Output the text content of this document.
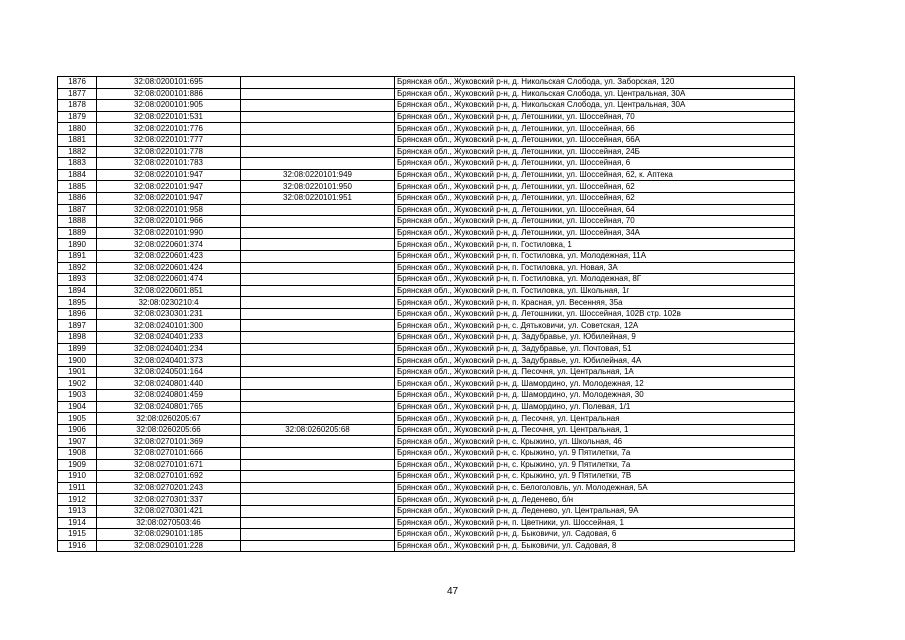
1876	32:08:0200101:695		Брянская обл., Жуковский р-н, д. Никольская Слобода, ул. Заборская, 120
1877	32:08:0200101:886		Брянская обл., Жуковский р-н, д. Никольская Слобода, ул. Центральная, 30А
1878	32:08:0200101:905		Брянская обл., Жуковский р-н, д. Никольская Слобода, ул. Центральная, 30А
1879	32:08:0220101:531		Брянская обл., Жуковский р-н, д. Летошники, ул. Шоссейная, 70
1880	32:08:0220101:776		Брянская обл., Жуковский р-н, д. Летошники, ул. Шоссейная, 66
1881	32:08:0220101:777		Брянская обл., Жуковский р-н, д. Летошники, ул. Шоссейная, 66А
1882	32:08:0220101:778		Брянская обл., Жуковский р-н, д. Летошники, ул. Шоссейная, 24Б
1883	32:08:0220101:783		Брянская обл., Жуковский р-н, д. Летошники, ул. Шоссейная, 6
1884	32:08:0220101:947	32:08:0220101:949	Брянская обл., Жуковский р-н, д. Летошники, ул. Шоссейная, 62, к. Аптека
1885	32:08:0220101:947	32:08:0220101:950	Брянская обл., Жуковский р-н, д. Летошники, ул. Шоссейная, 62
1886	32:08:0220101:947	32:08:0220101:951	Брянская обл., Жуковский р-н, д. Летошники, ул. Шоссейная, 62
1887	32:08:0220101:958		Брянская обл., Жуковский р-н, д. Летошники, ул. Шоссейная, 64
1888	32:08:0220101:966		Брянская обл., Жуковский р-н, д. Летошники, ул. Шоссейная, 70
1889	32:08:0220101:990		Брянская обл., Жуковский р-н, д. Летошники, ул. Шоссейная, 34А
1890	32:08:0220601:374		Брянская обл., Жуковский р-н, п. Гостиловка, 1
1891	32:08:0220601:423		Брянская обл., Жуковский р-н, п. Гостиловка, ул. Молодежная, 11А
1892	32:08:0220601:424		Брянская обл., Жуковский р-н, п. Гостиловка, ул. Новая, 3А
1893	32:08:0220601:474		Брянская обл., Жуковский р-н, п. Гостиловка, ул. Молодежная, 8Г
1894	32:08:0220601:851		Брянская обл., Жуковский р-н, п. Гостиловка, ул. Школьная, 1г
1895	32:08:0230210:4		Брянская обл., Жуковский р-н, п. Красная, ул. Весенняя, 35а
1896	32:08:0230301:231		Брянская обл., Жуковский р-н, д. Летошники, ул. Шоссейная, 102В стр. 102в
1897	32:08:0240101:300		Брянская обл., Жуковский р-н, с. Дятьковичи, ул. Советская, 12А
1898	32:08:0240401:233		Брянская обл., Жуковский р-н, д. Задубравье, ул. Юбилейная, 9
1899	32:08:0240401:234		Брянская обл., Жуковский р-н, д. Задубравье, ул. Почтовая, 51
1900	32:08:0240401:373		Брянская обл., Жуковский р-н, д. Задубравье, ул. Юбилейная, 4А
1901	32:08:0240501:164		Брянская обл., Жуковский р-н, д. Песочня, ул. Центральная, 1А
1902	32:08:0240801:440		Брянская обл., Жуковский р-н, д. Шамордино, ул. Молодежная, 12
1903	32:08:0240801:459		Брянская обл., Жуковский р-н, д. Шамордино, ул. Молодежная, 30
1904	32:08:0240801:765		Брянская обл., Жуковский р-н, д. Шамордино, ул. Полевая, 1/1
1905	32:08:0260205:67		Брянская обл., Жуковский р-н, д. Песочня, ул. Центральная
1906	32:08:0260205:66	32:08:0260205:68	Брянская обл., Жуковский р-н, д. Песочня, ул. Центральная, 1
1907	32:08:0270101:369		Брянская обл., Жуковский р-н, с. Крыжино, ул. Школьная, 46
1908	32:08:0270101:666		Брянская обл., Жуковский р-н, с. Крыжино, ул. 9 Пятилетки, 7а
1909	32:08:0270101:671		Брянская обл., Жуковский р-н, с. Крыжино, ул. 9 Пятилетки, 7а
1910	32:08:0270101:692		Брянская обл., Жуковский р-н, с. Крыжино, ул. 9 Пятилетки, 7В
1911	32:08:0270201:243		Брянская обл., Жуковский р-н, с. Белоголовль, ул. Молодежная, 5А
1912	32:08:0270301:337		Брянская обл., Жуковский р-н, д. Леденево, б/н
1913	32:08:0270301:421		Брянская обл., Жуковский р-н, д. Леденево, ул. Центральная, 9А
1914	32:08:0270503:46		Брянская обл., Жуковский р-н, п. Цветники, ул. Шоссейная, 1
1915	32:08:0290101:185		Брянская обл., Жуковский р-н, д. Быковичи, ул. Садовая, 6
1916	32:08:0290101:228		Брянская обл., Жуковский р-н, д. Быковичи, ул. Садовая, 8
47
